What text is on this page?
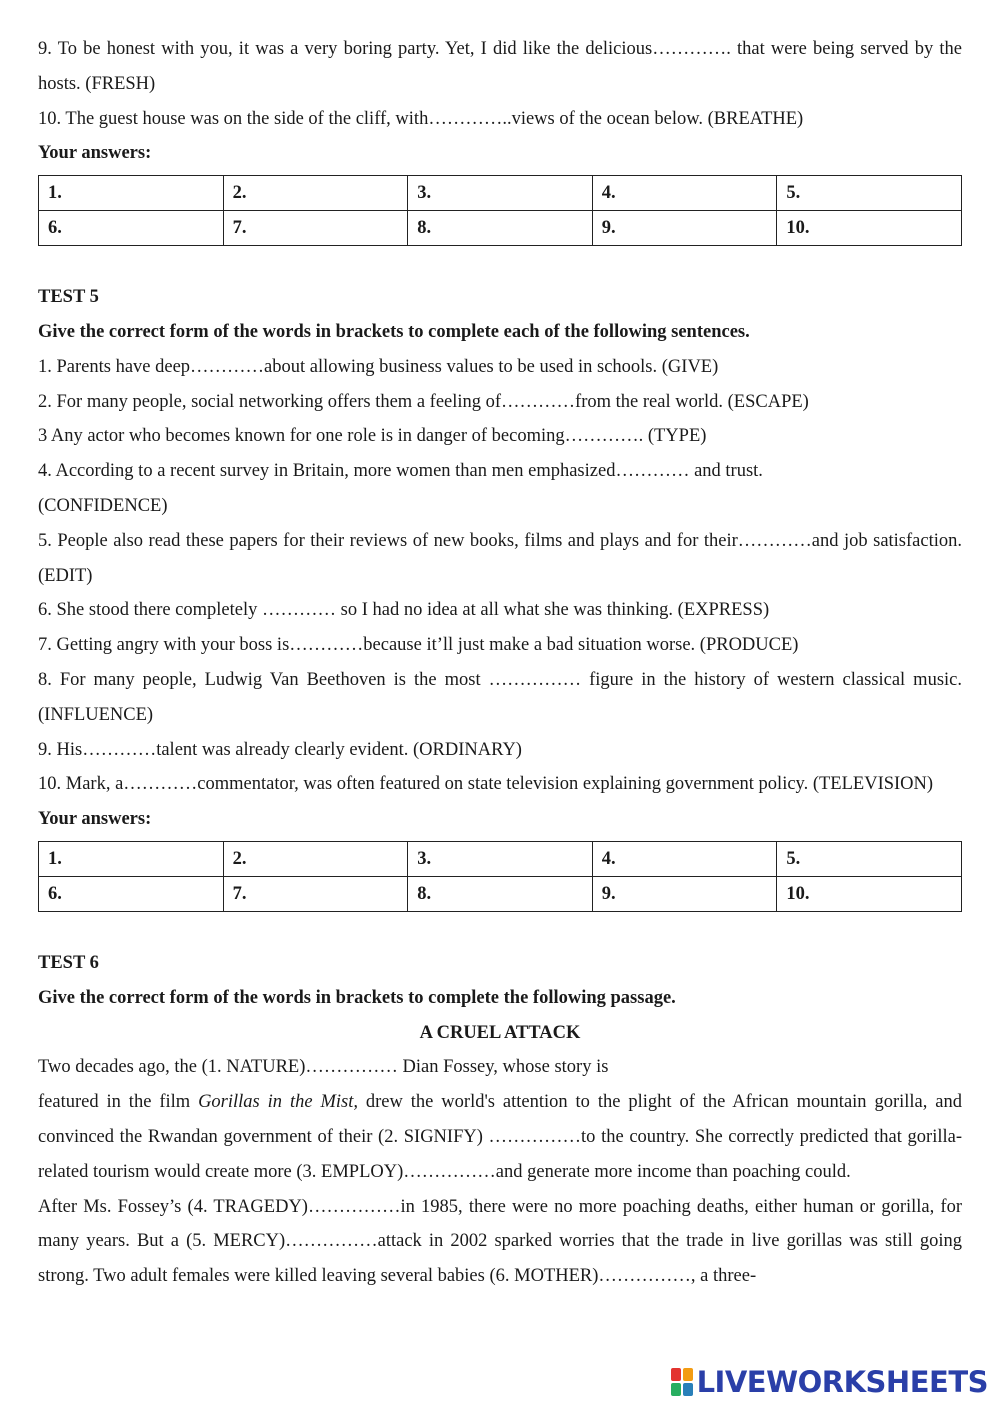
9. To be honest with you, it was a very boring party. Yet, I did like the delicious…………. that were being served by the hosts. (FRESH)

10. The guest house was on the side of the cliff, with…………..views of the ocean below. (BREATHE)

Your answers:

1.	2.	3.	4.	5.
6.	7.	8.	9.	10.

TEST 5

Give the correct form of the words in brackets to complete each of the following sentences.

1. Parents have deep…………about allowing business values to be used in schools. (GIVE)

2. For many people, social networking offers them a feeling of…………from the real world. (ESCAPE)

3 Any actor who becomes known for one role is in danger of becoming…………. (TYPE)

4. According to a recent survey in Britain, more women than men emphasized………… and trust. (CONFIDENCE)

5. People also read these papers for their reviews of new books, films and plays and for their…………and job satisfaction. (EDIT)

6. She stood there completely ………… so I had no idea at all what she was thinking. (EXPRESS)

7. Getting angry with your boss is…………because it’ll just make a bad situation worse. (PRODUCE)

8. For many people, Ludwig Van Beethoven is the most …………… figure in the history of western classical music. (INFLUENCE)

9. His…………talent was already clearly evident. (ORDINARY)

10. Mark, a…………commentator, was often featured on state television explaining government policy. (TELEVISION)

Your answers:

1.	2.	3.	4.	5.
6.	7.	8.	9.	10.

TEST 6

Give the correct form of the words in brackets to complete the following passage.

A CRUEL ATTACK

Two decades ago, the (1. NATURE)…………… Dian Fossey, whose story is

featured in the film Gorillas in the Mist, drew the world's attention to the plight of the African mountain gorilla, and convinced the Rwandan government of their (2. SIGNIFY) ……………to the country. She correctly predicted that gorilla-related tourism would create more (3. EMPLOY)……………and generate more income than poaching could.

After Ms. Fossey’s (4. TRAGEDY)……………in 1985, there were no more poaching deaths, either human or gorilla, for many years. But a (5. MERCY)……………attack in 2002 sparked worries that the trade in live gorillas was still going strong. Two adult females were killed leaving several babies (6. MOTHER)……………, a three-

LIVEWORKSHEETS
